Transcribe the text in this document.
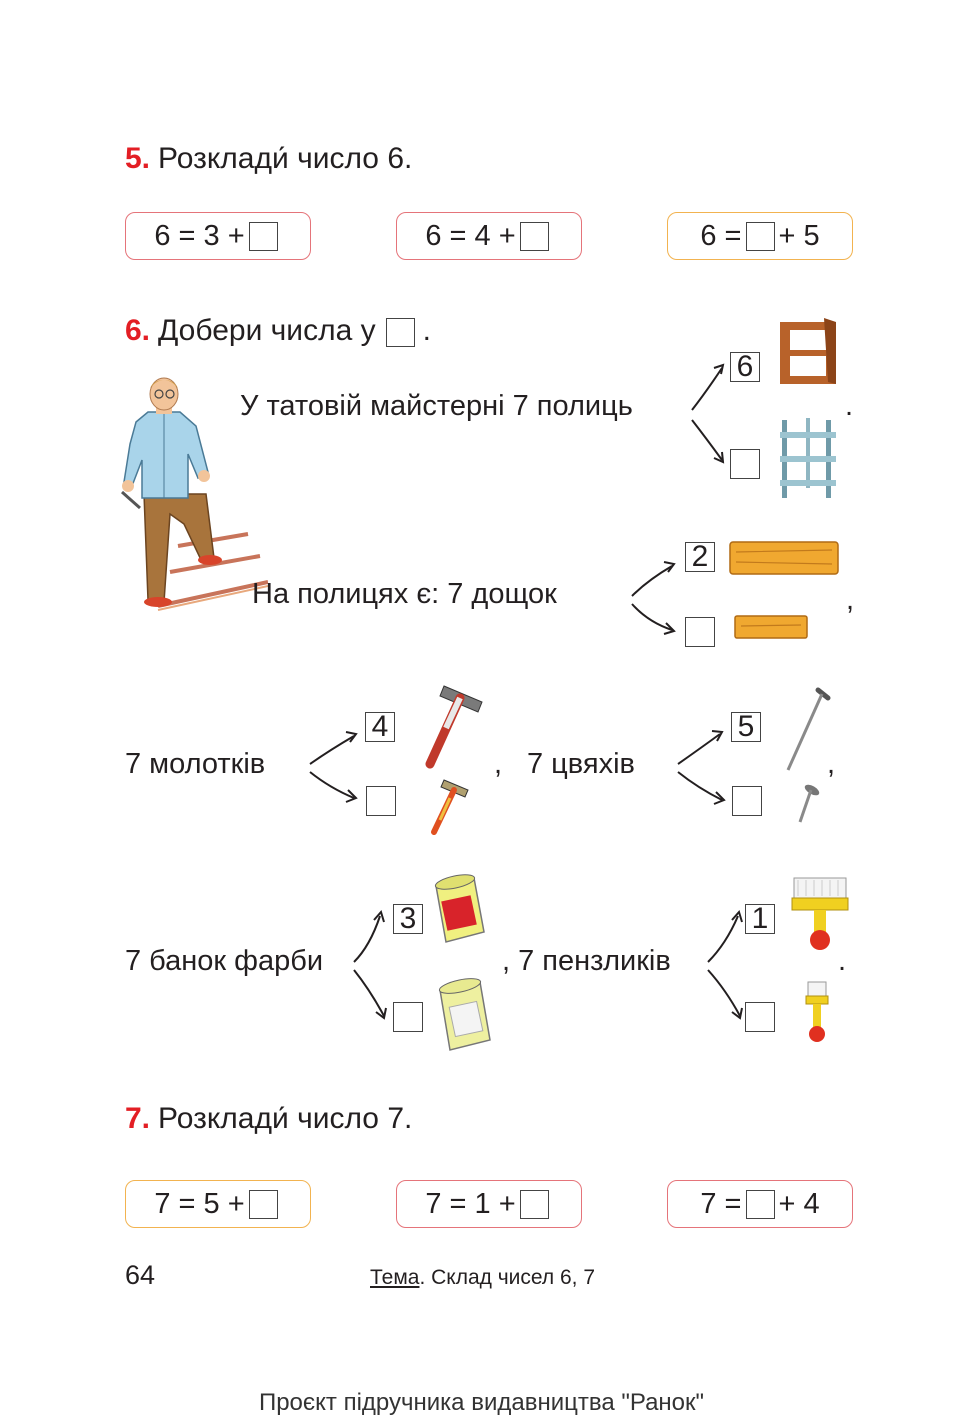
5. Розклади́ число 6.
6 = 3 +	6 = 4 +	6 = + 5
6. Добери числа у .
У татовій майстерні 7 полиць
6
.
На полицях є: 7 дощок
2
,
7 молотків
4
, 7 цвяхів
5
,
7 банок фарби
3
, 7 пензликів
1
.
7. Розклади́ число 7.
7 = 5 +	7 = 1 +	7 = + 4
64	Тема. Склад чисел 6, 7
Проєкт підручника видавництва "Ранок"
